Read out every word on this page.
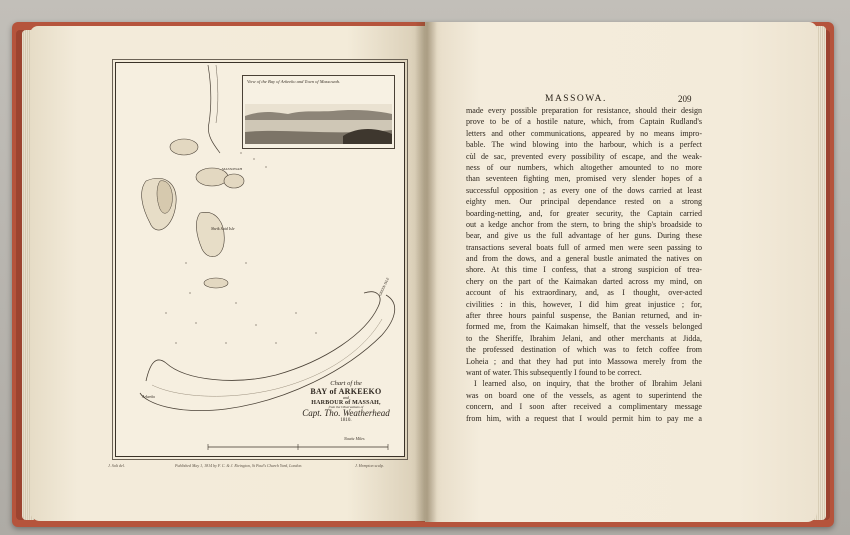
View of the Bay of Arkeeko and Town of Massowah.
Arkeeko
Sheik Said Isle
MASSOWAH
GREEN ISLE
Chart of the
BAY of ARKEEKO
and
HARBOUR of MASSAH,
from the Observations of
Capt. Tho. Weatherhead
1810.
Nautic Miles
J. Salt del.	Published May 1, 1814 by F. C. & J. Rivington, St Paul's Church Yard, London.	J. Hempton sculp.
MASSOWA.	209
made every possible preparation for resistance, should their design
prove to be of a hostile nature, which, from Captain Rudland's
letters and other communications, appeared by no means impro-
bable. The wind blowing into the harbour, which is a perfect
cùl de sac, prevented every possibility of escape, and the weak-
ness of our numbers, which altogether amounted to no more
than seventeen fighting men, promised very slender hopes of a
successful opposition ; as every one of the dows carried at least
eighty men. Our principal dependance rested on a strong
boarding-netting, and, for greater security, the Captain carried
out a kedge anchor from the stern, to bring the ship's broadside to
bear, and give us the full advantage of her guns. During these
transactions several boats full of armed men were seen passing to
and from the dows, and a general bustle animated the natives on
shore. At this time I confess, that a strong suspicion of trea-
chery on the part of the Kaimakan darted across my mind, on
account of his extraordinary, and, as I thought, over-acted
civilities : in this, however, I did him great injustice ; for,
after three hours painful suspense, the Banian returned, and in-
formed me, from the Kaimakan himself, that the vessels belonged
to the Sheriffe, Ibrahim Jelani, and other merchants at Jidda,
the professed destination of which was to fetch coffee from
Loheia ; and that they had put into Massowa merely from the
want of water. This subsequently I found to be correct.
I learned also, on inquiry, that the brother of Ibrahim Jelani
was on board one of the vessels, as agent to superintend the
concern, and I soon after received a complimentary message
from him, with a request that I would permit him to pay me a
